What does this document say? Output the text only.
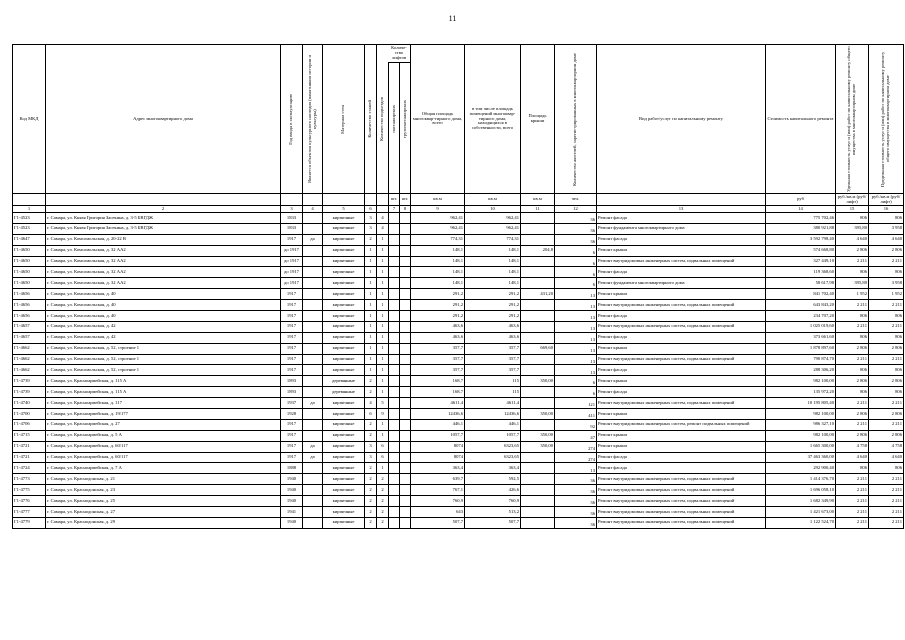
11
Код МКД	Адрес многоквартирного дома	Год ввода в эксплуатацию	Является объектом культурного наследия (памятником истории и культуры)	Материал стен	Количество этажей	Количество подъездов	пассажирских	грузопассажирских	Общая площадь многоквар-тирного дома, всего	в том числе площадь помещений многоквар-тирного дома, находящихся в собственности, всего	Площадь крыши	Количество жителей, зарегистрированных в многоквартирном доме	Вид работ/услуг по капитальному ремонту	Стоимость капитального ремонта	Удельная стоимость услуг и (или) работ по капитальному ремонту общего имущества в многоквартирном доме	Предельная стоимость услуг и (или) работ по капитальному ремонту общего имущества в многоквартирном доме

							шт.	шт.	кв.м	кв.м	кв.м	чел.		руб	руб./кв.м (руб/лифт)	руб./кв.м (руб/лифт)
1	2	3	4	5	6		7	8	9	10	11	12	13	14	15	16
Г1-4523	г. Самара, ул. Князя Григория Засекина, д. 3-5 БВГДЖ	1833		кирпичные	3	4			962,41	962,41		36	Ремонт фасада	775 702,46	806	806
Г1-4523	г. Самара, ул. Князя Григория Засекина, д. 3-5 БВГДЖ	1833		кирпичные	3	4			962,41	962,41		36	Ремонт фундамента многоквартирного дома	380 921,88	395,80	3 958
Г1-4647	г. Самара, ул. Комсомольская, д. 20-22 В	1917	да	кирпичные	2	1			774,31	774,31		36	Ремонт фасада	3 592 798,40	4 640	4 640
Г1-4650	г. Самара, ул. Комсомольская, д. 32 АА2	до 1917		кирпичные	1	1			148,1	148,1	204,8	6	Ремонт крыши	574 668,80	2 806	2 806
Г1-4650	г. Самара, ул. Комсомольская, д. 32 АА2	до 1917		кирпичные	1	1			148,1	148,1		6	Ремонт внутридомовых инженерных систем, подвальных помещений	327 449,10	2 211	2 211
Г1-4650	г. Самара, ул. Комсомольская, д. 32 АА2	до 1917		кирпичные	1	1			148,1	148,1		6	Ремонт фасада	119 368,60	806	806
Г1-4650	г. Самара, ул. Комсомольская, д. 32 АА2	до 1917		кирпичные	1	1			148,1	148,1		6	Ремонт фундамента многоквартирного дома	58 617,98	395,80	3 958
Г1-4656	г. Самара, ул. Комсомольская, д. 40	1917		кирпичные	1	1			291,2	291,2	431,20	13	Ремонт крыши	841 702,40	1 952	1 952
Г1-4656	г. Самара, ул. Комсомольская, д. 40	1917		кирпичные	1	1			291,2	291,2		13	Ремонт внутридомовых инженерных систем, подвальных помещений	643 843,20	2 211	2 211
Г1-4656	г. Самара, ул. Комсомольская, д. 40	1917		кирпичные	1	1			291,2	291,2		13	Ремонт фасада	234 707,20	806	806
Г1-4657	г. Самара, ул. Комсомольская, д. 42	1917		кирпичные	1	1			463,6	463,6		13	Ремонт внутридомовых инженерных систем, подвальных помещений	1 025 019,60	2 211	2 211
Г1-4657	г. Самара, ул. Комсомольская, д. 42	1917		кирпичные	1	1			463,6	463,6		13	Ремонт фасада	373 661,60	806	806
Г1-4662	г. Самара, ул. Комсомольская, д. 52, строение 1	1917		кирпичные	1	1			357,7	357,7	669,60	13	Ремонт крыши	1 878 897,60	2 806	2 806
Г1-4662	г. Самара, ул. Комсомольская, д. 52, строение 1	1917		кирпичные	1	1			357,7	357,7		13	Ремонт внутридомовых инженерных систем, подвальных помещений	790 874,70	2 211	2 211
Г1-4662	г. Самара, ул. Комсомольская, д. 52, строение 1	1917		кирпичные	1	1			357,7	357,7		13	Ремонт фасада	288 306,20	806	806
Г1-4739	г. Самара, ул. Красноармейская, д. 115 А	1893		деревянные	2	1			168,7	115	350,00	6	Ремонт крыши	982 100,00	2 806	2 806
Г1-4739	г. Самара, ул. Красноармейская, д. 115 А	1893		деревянные	2	1			168,7	115		6	Ремонт фасада	135 972,20	806	806
Г1-4740	г. Самара, ул. Красноармейская, д. 117	1937	да	кирпичные	4	5			4611,4	4611,4		121	Ремонт внутридомовых инженерных систем, подвальных помещений	10 195 805,40	2 211	2 211
Г1-4700	г. Самара, ул. Красноармейская, д. 19/177	1928		кирпичные	6	9			12436,6	12436,6	350,00	411	Ремонт крыши	982 100,00	2 806	2 806
Г1-4706	г. Самара, ул. Красноармейская, д. 27	1917		кирпичные	2	1			446,1	446,1		92	Ремонт внутридомовых инженерных систем, ремонт подвальных помещений	986 327,10	2 211	2 211
Г1-4715	г. Самара, ул. Красноармейская, д. 5 А	1917		кирпичные	2	1			1057,7	1057,7	350,00	47	Ремонт крыши	982 100,00	2 806	2 806
Г1-4721	г. Самара, ул. Красноармейская, д. 60/117	1917	да	кирпичные	3	6			8074	6323,65	350,00	274	Ремонт крыши	1 665 300,00	4 758	4 758
Г1-4721	г. Самара, ул. Красноармейская, д. 60/117	1917	да	кирпичные	3	6			8074	6323,65		274	Ремонт фасада	37 463 360,00	4 640	4 640
Г1-4724	г. Самара, ул. Красноармейская, д. 7 А	1888		кирпичные	2	1			363,4	363,4		13	Ремонт фасада	292 900,40	806	806
Г1-4773	г. Самара, ул. Краснодонская, д. 21	1940		кирпичные	2	2			639,7	592,5		36	Ремонт внутридомовых инженерных систем, подвальных помещений	1 414 376,70	2 211	2 211
Г1-4775	г. Самара, ул. Краснодонская, д. 23	1940		кирпичные	2	2			767,1	426,6		36	Ремонт внутридомовых инженерных систем, подвальных помещений	1 696 058,10	2 211	2 211
Г1-4776	г. Самара, ул. Краснодонская, д. 25	1940		кирпичные	2	2			760,9	760,9		36	Ремонт внутридомовых инженерных систем, подвальных помещений	1 682 349,90	2 211	2 211
Г1-4777	г. Самара, ул. Краснодонская, д. 27	1941		кирпичные	2	2			643	513,2		36	Ремонт внутридомовых инженерных систем, подвальных помещений	1 421 673,00	2 211	2 211
Г1-4779	г. Самара, ул. Краснодонская, д. 29	1940		кирпичные	2	2			507,7	507,7		36	Ремонт внутридомовых инженерных систем, подвальных помещений	1 122 524,70	2 211	2 211
Количе-ство лифтов
